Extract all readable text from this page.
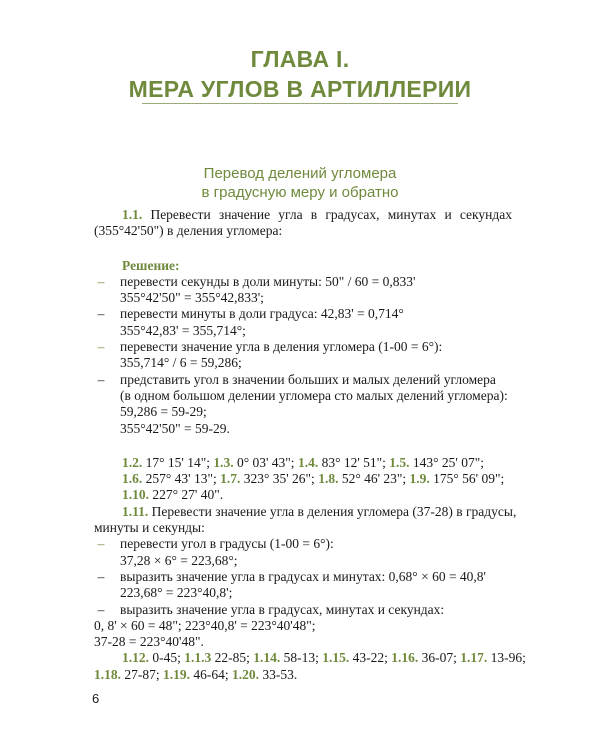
ГЛАВА I.
МЕРА УГЛОВ В АРТИЛЛЕРИИ
Перевод делений угломера
в градусную меру и обратно

1.1. Перевести значение угла в градусах, минутах и секундах

(355°42'50") в деления угломера:

Решение:

– перевести секунды в доли минуты: 50" / 60 = 0,833'
355°42'50" = 355°42,833';
– перевести минуты в доли градуса: 42,83' = 0,714°
355°42,83' = 355,714°;
– перевести значение угла в деления угломера (1-00 = 6°):
355,714° / 6 = 59,286;
– представить угол в значении больших и малых делений угломера
(в одном большом делении угломера сто малых делений угломера):
59,286 = 59-29;
355°42'50" = 59-29.

1.2. 17° 15' 14"; 1.3. 0° 03' 43"; 1.4. 83° 12' 51"; 1.5. 143° 25' 07";

1.6. 257° 43' 13"; 1.7. 323° 35' 26"; 1.8. 52° 46' 23"; 1.9. 175° 56' 09";

1.10. 227° 27' 40".

1.11. Перевести значение угла в деления угломера (37-28) в градусы,

минуты и секунды:

– перевести угол в градусы (1-00 = 6°):
37,28 × 6° = 223,68°;
– выразить значение угла в градусах и минутах: 0,68° × 60 = 40,8'
223,68° = 223°40,8';
– выразить значение угла в градусах, минутах и секундах:

0, 8' × 60 = 48"; 223°40,8' = 223°40'48";

37-28 = 223°40'48".

1.12. 0-45; 1.1.3 22-85; 1.14. 58-13; 1.15. 43-22; 1.16. 36-07; 1.17. 13-96;

1.18. 27-87; 1.19. 46-64; 1.20. 33-53.

6
